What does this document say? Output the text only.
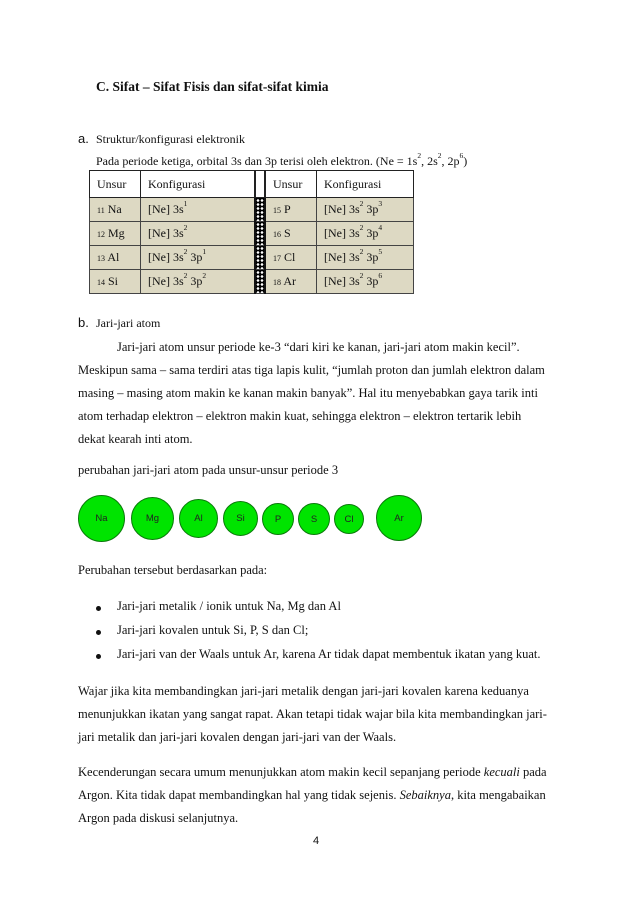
C. Sifat – Sifat Fisis dan sifat-sifat kimia
a. Struktur/konfigurasi elektronik
Pada periode ketiga, orbital 3s dan 3p terisi oleh elektron. ($Ne = 1s^2$, $2s^2$, $2p^6$)
Unsur	Konfigurasi		Unsur	Konfigurasi
11 Na	[Ne] $3s^1$		15 P	[Ne] $3s^2$ $3p^3$
12 Mg	[Ne] $3s^2$		16 S	[Ne] $3s^2$ $3p^4$
13 Al	[Ne] $3s^2$ $3p^1$		17 Cl	[Ne] $3s^2$ $3p^5$
14 Si	[Ne] $3s^2$ $3p^2$		18 Ar	[Ne] $3s^2$ $3p^6$
b. Jari-jari atom
Jari-jari atom unsur periode ke-3 “dari kiri ke kanan, jari-jari atom makin kecil”.
Meskipun sama – sama terdiri atas tiga lapis kulit, “jumlah proton dan jumlah elektron dalam
masing – masing atom makin ke kanan makin banyak”. Hal itu menyebabkan gaya tarik inti
atom terhadap elektron – elektron makin kuat, sehingga elektron – elektron tertarik lebih
dekat kearah inti atom.
perubahan jari-jari atom pada unsur-unsur periode 3
Na	Mg	Al	Si	P	S	Cl	Ar
Perubahan tersebut berdasarkan pada:
Jari-jari metalik / ionik untuk Na, Mg dan Al
Jari-jari kovalen untuk Si, P, S dan Cl;
Jari-jari van der Waals untuk Ar, karena Ar tidak dapat membentuk ikatan yang kuat.
Wajar jika kita membandingkan jari-jari metalik dengan jari-jari kovalen karena keduanya
menunjukkan ikatan yang sangat rapat. Akan tetapi tidak wajar bila kita membandingkan jari-
jari metalik dan jari-jari kovalen dengan jari-jari van der Waals.
Kecenderungan secara umum menunjukkan atom makin kecil sepanjang periode kecuali pada
Argon. Kita tidak dapat membandingkan hal yang tidak sejenis. Sebaiknya, kita mengabaikan
Argon pada diskusi selanjutnya.
4
